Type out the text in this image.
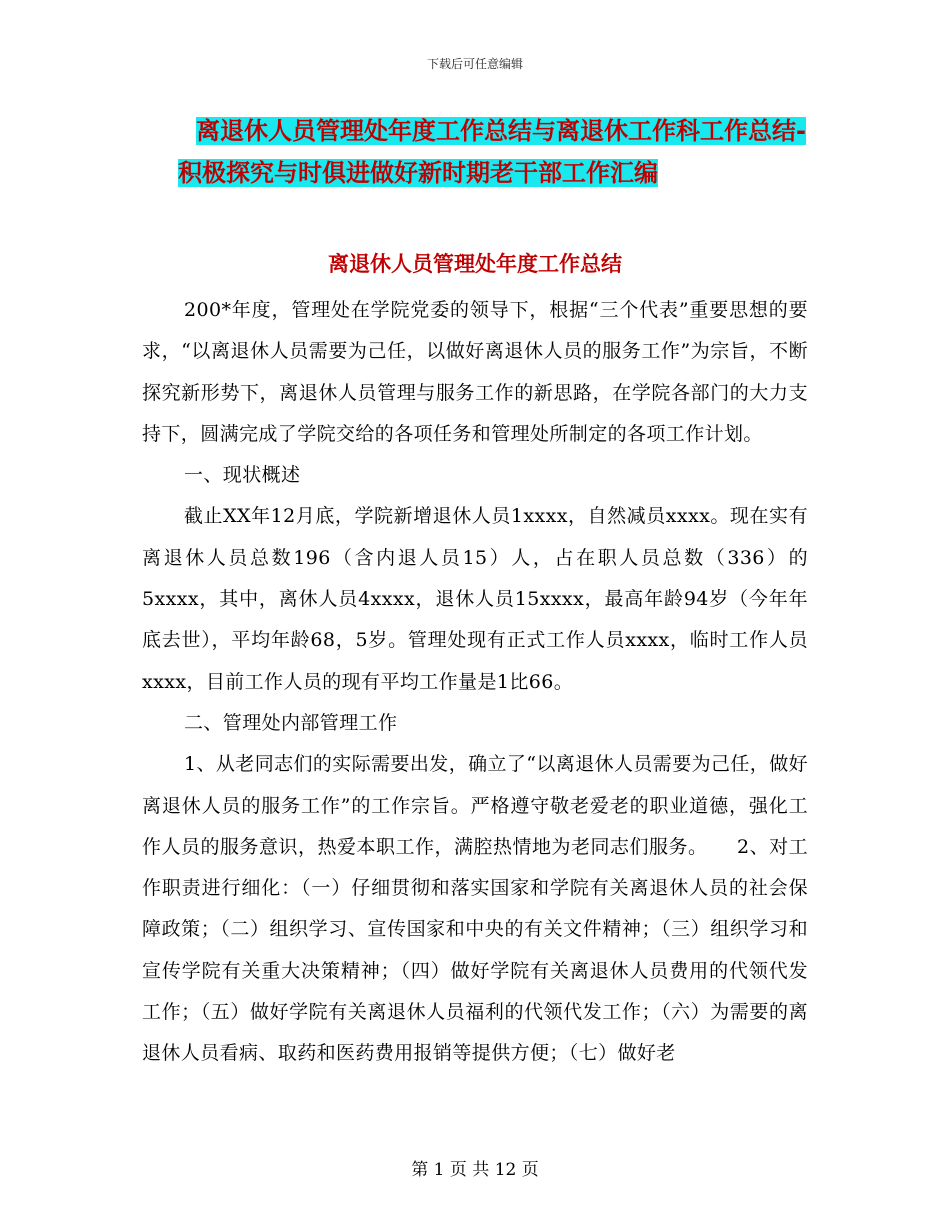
下载后可任意编辑
离退休人员管理处年度工作总结与离退休工作科工作总结-积极探究与时俱进做好新时期老干部工作汇编
离退休人员管理处年度工作总结

200*年度，管理处在学院党委的领导下，根据“三个代表”重要思想的要求，“以离退休人员需要为己任，以做好离退休人员的服务工作”为宗旨，不断探究新形势下，离退休人员管理与服务工作的新思路，在学院各部门的大力支持下，圆满完成了学院交给的各项任务和管理处所制定的各项工作计划。

一、现状概述

截止XX年12月底，学院新增退休人员1xxxx，自然减员xxxx。现在实有离退休人员总数196（含内退人员15）人，占在职人员总数（336）的5xxxx，其中，离休人员4xxxx，退休人员15xxxx，最高年龄94岁（今年年底去世），平均年龄68，5岁。管理处现有正式工作人员xxxx，临时工作人员xxxx，目前工作人员的现有平均工作量是1比66。

二、管理处内部管理工作

1、从老同志们的实际需要出发，确立了“以离退休人员需要为己任，做好离退休人员的服务工作”的工作宗旨。严格遵守敬老爱老的职业道德，强化工作人员的服务意识，热爱本职工作，满腔热情地为老同志们服务。　　2、对工作职责进行细化：（一）仔细贯彻和落实国家和学院有关离退休人员的社会保障政策；（二）组织学习、宣传国家和中央的有关文件精神；（三）组织学习和宣传学院有关重大决策精神；（四）做好学院有关离退休人员费用的代领代发工作；（五）做好学院有关离退休人员福利的代领代发工作；（六）为需要的离退休人员看病、取药和医药费用报销等提供方便；（七）做好老

第 1 页 共 12 页
